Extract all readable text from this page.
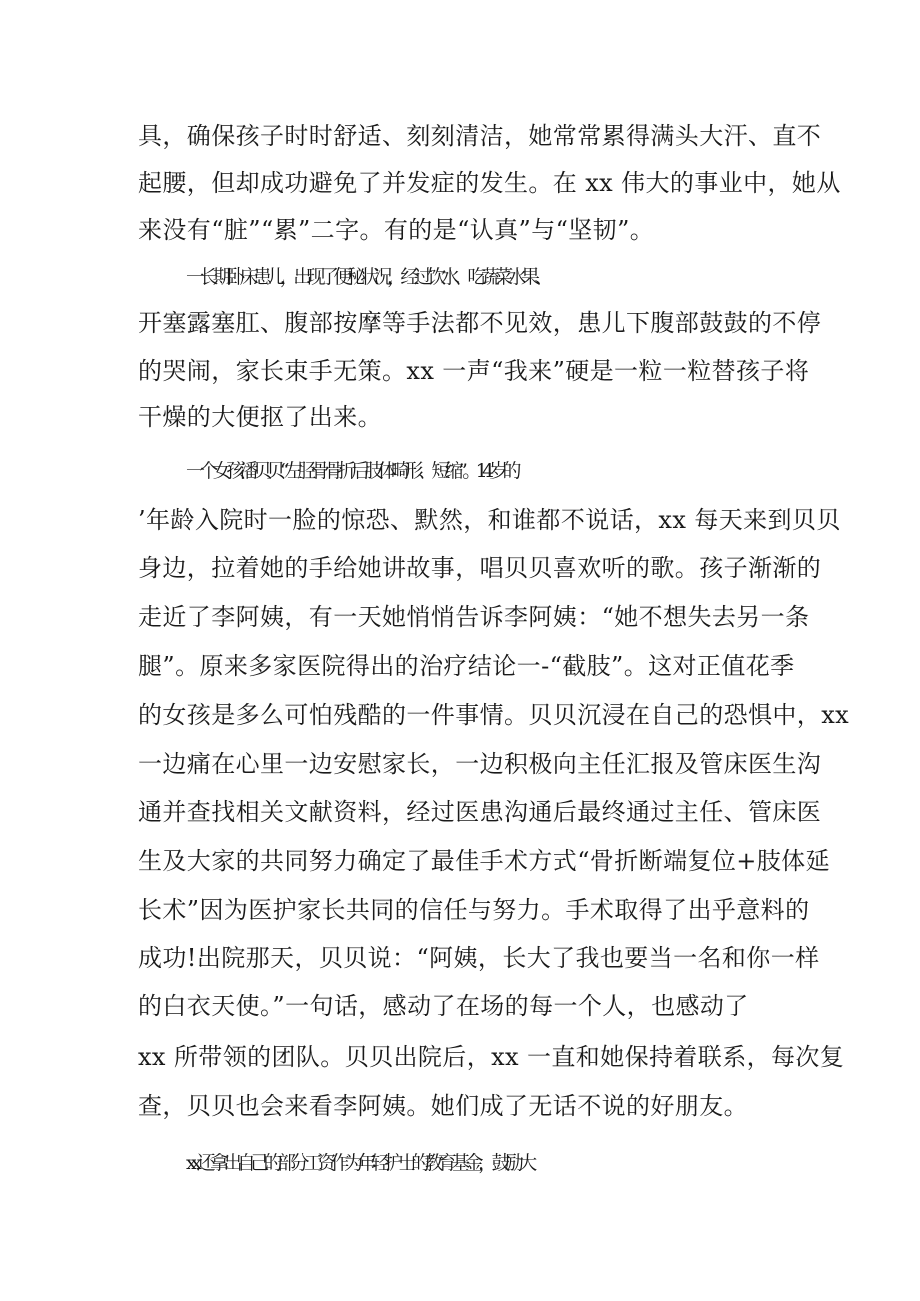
具，确保孩子时时舒适、刻刻清洁，她常常累得满头大汗、直不
起腰，但却成功避免了并发症的发生。在 xx 伟大的事业中，她从
来没有“脏”“累”二字。有的是“认真”与“坚韧”。
一长期卧床患儿，出现了便秘状况，经过饮水、吃蔬菜水果、
开塞露塞肛、腹部按摩等手法都不见效，患儿下腹部鼓鼓的不停
的哭闹，家长束手无策。xx 一声“我来”硬是一粒一粒替孩子将
干燥的大便抠了出来。
一个女孩潘贝贝“左胫骨骨折后肢体畸形、短缩”。14 岁的
’年龄入院时一脸的惊恐、默然，和谁都不说话，xx 每天来到贝贝
身边，拉着她的手给她讲故事，唱贝贝喜欢听的歌。孩子渐渐的
走近了李阿姨，有一天她悄悄告诉李阿姨：“她不想失去另一条
腿”。原来多家医院得出的治疗结论一-“截肢”。这对正值花季
的女孩是多么可怕残酷的一件事情。贝贝沉浸在自己的恐惧中，xx
一边痛在心里一边安慰家长，一边积极向主任汇报及管床医生沟
通并查找相关文献资料，经过医患沟通后最终通过主任、管床医
生及大家的共同努力确定了最佳手术方式“骨折断端复位+肢体延
长术”因为医护家长共同的信任与努力。手术取得了出乎意料的
成功!出院那天，贝贝说：“阿姨，长大了我也要当一名和你一样
的白衣天使。”一句话，感动了在场的每一个人，也感动了
xx 所带领的团队。贝贝出院后，xx 一直和她保持着联系，每次复
查，贝贝也会来看李阿姨。她们成了无话不说的好朋友。
xx 还拿出自己的部分工资作为年轻护士的教育基金，鼓励大
